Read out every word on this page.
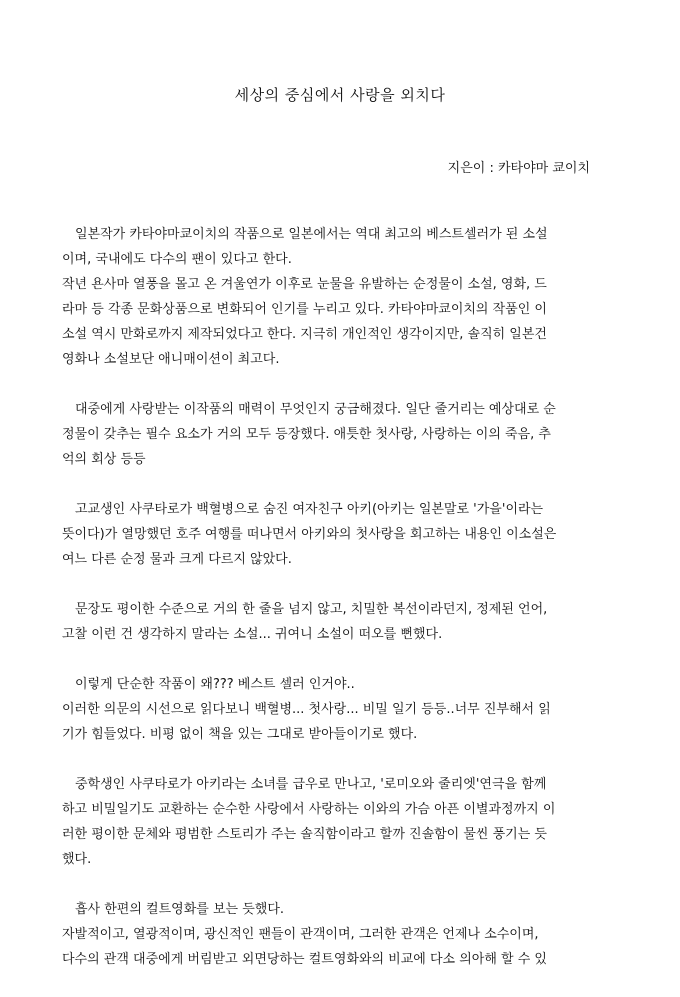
세상의 중심에서 사랑을 외치다
지은이 : 카타야마 쿄이치
일본작가 카타야마쿄이치의 작품으로 일본에서는 역대 최고의 베스트셀러가 된 소설
이며, 국내에도 다수의 팬이 있다고 한다.
작년 욘사마 열풍을 몰고 온 겨울연가 이후로 눈물을 유발하는 순정물이 소설, 영화, 드
라마 등 각종 문화상품으로 변화되어 인기를 누리고 있다. 카타야마쿄이치의 작품인 이
소설 역시 만화로까지 제작되었다고 한다. 지극히 개인적인 생각이지만, 솔직히 일본건
영화나 소설보단 애니매이션이 최고다.
대중에게 사랑받는 이작품의 매력이 무엇인지 궁금해졌다. 일단 줄거리는 예상대로 순
정물이 갖추는 필수 요소가 거의 모두 등장했다. 애틋한 첫사랑, 사랑하는 이의 죽음, 추
억의 회상 등등
고교생인 사쿠타로가 백혈병으로 숨진 여자친구 아키(아키는 일본말로 '가을'이라는
뜻이다)가 열망했던 호주 여행를 떠나면서 아키와의 첫사랑을 회고하는 내용인 이소설은
여느 다른 순정 물과 크게 다르지 않았다.
문장도 평이한 수준으로 거의 한 줄을 넘지 않고, 치밀한 복선이라던지, 정제된 언어,
고찰 이런 건 생각하지 말라는 소설... 귀여니 소설이 떠오를 뻔했다.
이렇게 단순한 작품이 왜??? 베스트 셀러 인거야..
이러한 의문의 시선으로 읽다보니 백혈병... 첫사랑... 비밀 일기 등등..너무 진부해서 읽
기가 힘들었다. 비평 없이 책을 있는 그대로 받아들이기로 했다.
중학생인 사쿠타로가 아키라는 소녀를 급우로 만나고, '로미오와 줄리엣'연극을 함께
하고 비밀일기도 교환하는 순수한 사랑에서 사랑하는 이와의 가슴 아픈 이별과정까지 이
러한 평이한 문체와 평범한 스토리가 주는 솔직함이라고 할까 진솔함이 물씬 풍기는 듯
했다.
흡사 한편의 컬트영화를 보는 듯했다.
자발적이고, 열광적이며, 광신적인 팬들이 관객이며, 그러한 관객은 언제나 소수이며,
다수의 관객 대중에게 버림받고 외면당하는 컬트영화와의 비교에 다소 의아해 할 수 있
